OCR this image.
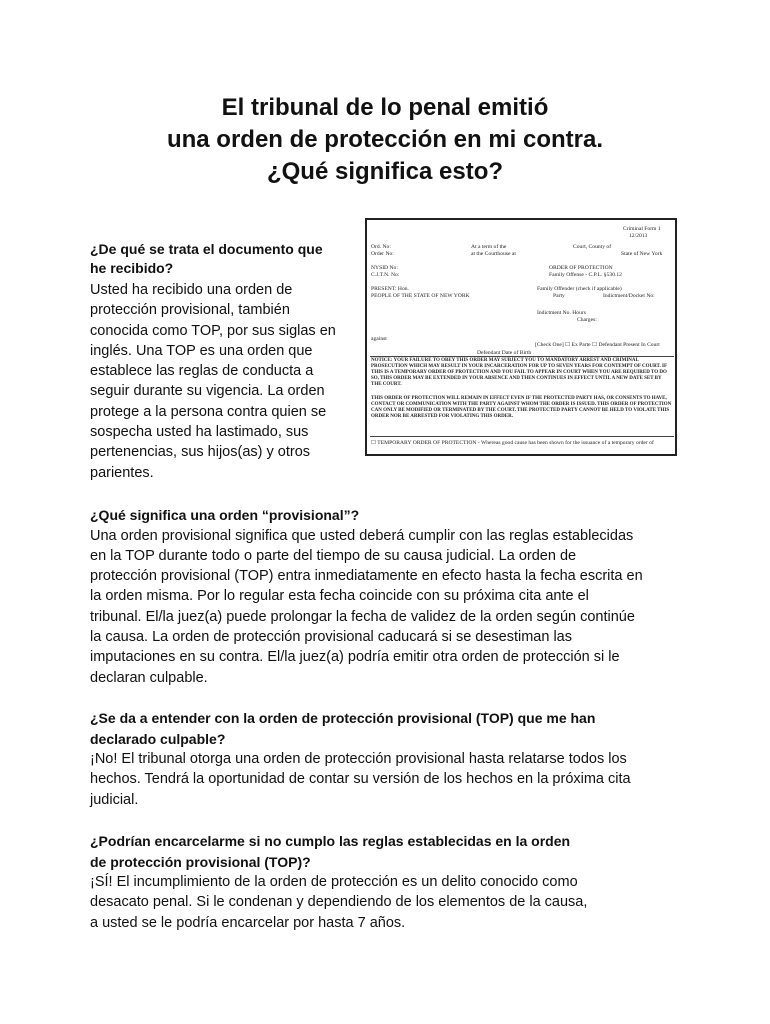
El tribunal de lo penal emitió
una orden de protección en mi contra.
¿Qué significa esto?

¿De qué se trata el documento que
he recibido?

Usted ha recibido una orden de
protección provisional, también
conocida como TOP, por sus siglas en
inglés. Una TOP es una orden que
establece las reglas de conducta a
seguir durante su vigencia. La orden
protege a la persona contra quien se
sospecha usted ha lastimado, sus
pertenencias, sus hijos(as) y otros
parientes.

Criminal Form 1
12/2013
Ord. No:
Order No:
At a term of the	Court, County of
at the Courthouse at	State of New York
NYSID No:
C.J.T.N. No:
ORDER OF PROTECTION
Family Offense - C.P.L. §530.12
PRESENT: Hon.
PEOPLE OF THE STATE OF NEW YORK
Family Offender (check if applicable)
Party	Indictment/Docket No:
Indictment No. Hours
Charges:
against
[Check One] ☐ Ex Parte ☐ Defendant Present In Court
Defendant Date of Birth
NOTICE: YOUR FAILURE TO OBEY THIS ORDER MAY SUBJECT YOU TO MANDATORY ARREST AND CRIMINAL PROSECUTION WHICH MAY RESULT IN YOUR INCARCERATION FOR UP TO SEVEN YEARS FOR CONTEMPT OF COURT. IF THIS IS A TEMPORARY ORDER OF PROTECTION AND YOU FAIL TO APPEAR IN COURT WHEN YOU ARE REQUIRED TO DO SO, THIS ORDER MAY BE EXTENDED IN YOUR ABSENCE AND THEN CONTINUES IN EFFECT UNTIL A NEW DATE SET BY THE COURT.
THIS ORDER OF PROTECTION WILL REMAIN IN EFFECT EVEN IF THE PROTECTED PARTY HAS, OR CONSENTS TO HAVE, CONTACT OR COMMUNICATION WITH THE PARTY AGAINST WHOM THE ORDER IS ISSUED. THIS ORDER OF PROTECTION CAN ONLY BE MODIFIED OR TERMINATED BY THE COURT. THE PROTECTED PARTY CANNOT BE HELD TO VIOLATE THIS ORDER NOR BE ARRESTED FOR VIOLATING THIS ORDER.
☐ TEMPORARY ORDER OF PROTECTION - Whereas good cause has been shown for the issuance of a temporary order of

¿Qué significa una orden “provisional”?

Una orden provisional significa que usted deberá cumplir con las reglas establecidas
en la TOP durante todo o parte del tiempo de su causa judicial. La orden de
protección provisional (TOP) entra inmediatamente en efecto hasta la fecha escrita en
la orden misma. Por lo regular esta fecha coincide con su próxima cita ante el
tribunal. El/la juez(a) puede prolongar la fecha de validez de la orden según continúe
la causa. La orden de protección provisional caducará si se desestiman las
imputaciones en su contra. El/la juez(a) podría emitir otra orden de protección si le
declaran culpable.

¿Se da a entender con la orden de protección provisional (TOP) que me han
declarado culpable?

¡No! El tribunal otorga una orden de protección provisional hasta relatarse todos los
hechos. Tendrá la oportunidad de contar su versión de los hechos en la próxima cita
judicial.

¿Podrían encarcelarme si no cumplo las reglas establecidas en la orden
de protección provisional (TOP)?

¡SÍ! El incumplimiento de la orden de protección es un delito conocido como
desacato penal. Si le condenan y dependiendo de los elementos de la causa,
a usted se le podría encarcelar por hasta 7 años.
